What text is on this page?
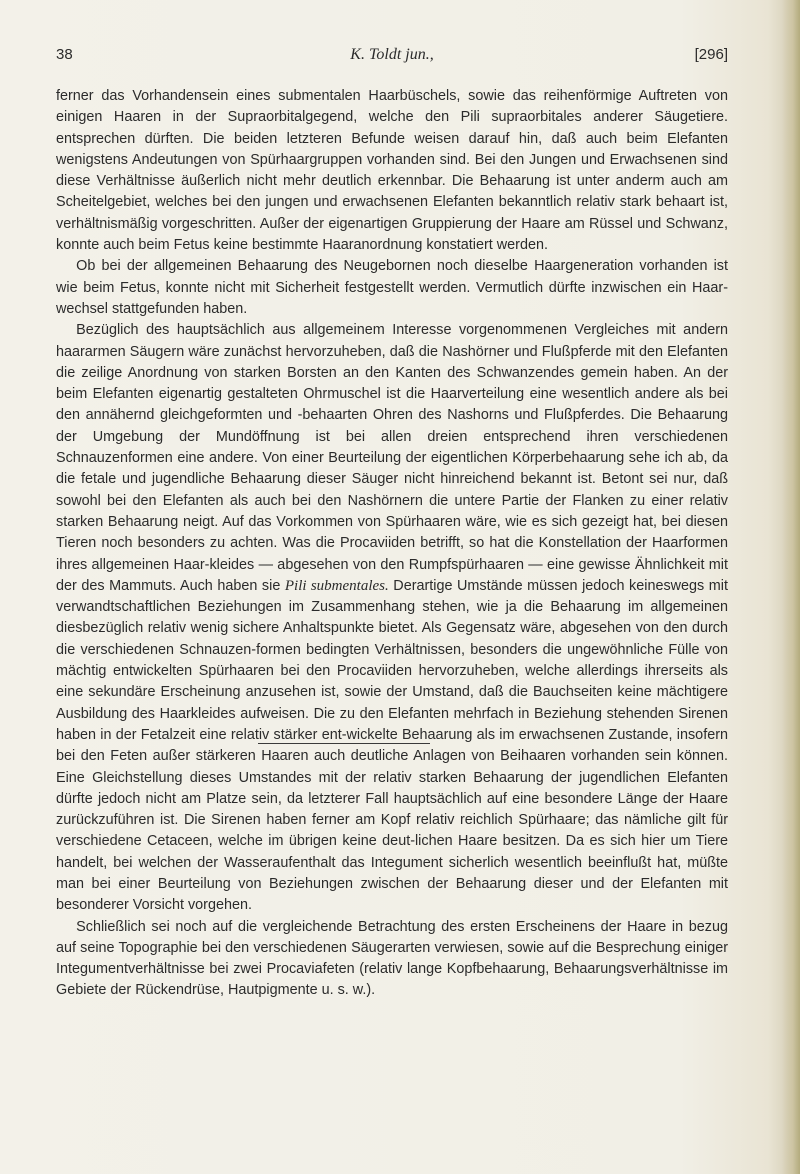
38	K. Toldt jun.,	[296]

ferner das Vorhandensein eines submentalen Haarbüschels, sowie das reihenförmige Auftreten von einigen Haaren in der Supraorbitalgegend, welche den Pili supraorbitales anderer Säugetiere. entsprechen dürften. Die beiden letzteren Befunde weisen darauf hin, daß auch beim Elefanten wenigstens Andeutungen von Spürhaargruppen vorhanden sind. Bei den Jungen und Erwachsenen sind diese Verhältnisse äußerlich nicht mehr deutlich erkennbar. Die Behaarung ist unter anderm auch am Scheitelgebiet, welches bei den jungen und erwachsenen Elefanten bekanntlich relativ stark behaart ist, verhältnismäßig vorgeschritten. Außer der eigenartigen Gruppierung der Haare am Rüssel und Schwanz, konnte auch beim Fetus keine bestimmte Haaranordnung konstatiert werden.

Ob bei der allgemeinen Behaarung des Neugebornen noch dieselbe Haargeneration vorhanden ist wie beim Fetus, konnte nicht mit Sicherheit festgestellt werden. Vermutlich dürfte inzwischen ein Haar-wechsel stattgefunden haben.

Bezüglich des hauptsächlich aus allgemeinem Interesse vorgenommenen Vergleiches mit andern haararmen Säugern wäre zunächst hervorzuheben, daß die Nashörner und Flußpferde mit den Elefanten die zeilige Anordnung von starken Borsten an den Kanten des Schwanzendes gemein haben. An der beim Elefanten eigenartig gestalteten Ohrmuschel ist die Haarverteilung eine wesentlich andere als bei den annähernd gleichgeformten und -behaarten Ohren des Nashorns und Flußpferdes. Die Behaarung der Umgebung der Mundöffnung ist bei allen dreien entsprechend ihren verschiedenen Schnauzenformen eine andere. Von einer Beurteilung der eigentlichen Körperbehaarung sehe ich ab, da die fetale und jugendliche Behaarung dieser Säuger nicht hinreichend bekannt ist. Betont sei nur, daß sowohl bei den Elefanten als auch bei den Nashörnern die untere Partie der Flanken zu einer relativ starken Behaarung neigt. Auf das Vorkommen von Spürhaaren wäre, wie es sich gezeigt hat, bei diesen Tieren noch besonders zu achten. Was die Procaviiden betrifft, so hat die Konstellation der Haarformen ihres allgemeinen Haar-kleides — abgesehen von den Rumpfspürhaaren — eine gewisse Ähnlichkeit mit der des Mammuts. Auch haben sie Pili submentales. Derartige Umstände müssen jedoch keineswegs mit verwandtschaftlichen Beziehungen im Zusammenhang stehen, wie ja die Behaarung im allgemeinen diesbezüglich relativ wenig sichere Anhaltspunkte bietet. Als Gegensatz wäre, abgesehen von den durch die verschiedenen Schnauzen-formen bedingten Verhältnissen, besonders die ungewöhnliche Fülle von mächtig entwickelten Spürhaaren bei den Procaviiden hervorzuheben, welche allerdings ihrerseits als eine sekundäre Erscheinung anzusehen ist, sowie der Umstand, daß die Bauchseiten keine mächtigere Ausbildung des Haarkleides aufweisen. Die zu den Elefanten mehrfach in Beziehung stehenden Sirenen haben in der Fetalzeit eine relativ stärker ent-wickelte Behaarung als im erwachsenen Zustande, insofern bei den Feten außer stärkeren Haaren auch deutliche Anlagen von Beihaaren vorhanden sein können. Eine Gleichstellung dieses Umstandes mit der relativ starken Behaarung der jugendlichen Elefanten dürfte jedoch nicht am Platze sein, da letzterer Fall hauptsächlich auf eine besondere Länge der Haare zurückzuführen ist. Die Sirenen haben ferner am Kopf relativ reichlich Spürhaare; das nämliche gilt für verschiedene Cetaceen, welche im übrigen keine deut-lichen Haare besitzen. Da es sich hier um Tiere handelt, bei welchen der Wasseraufenthalt das Integument sicherlich wesentlich beeinflußt hat, müßte man bei einer Beurteilung von Beziehungen zwischen der Behaarung dieser und der Elefanten mit besonderer Vorsicht vorgehen.

Schließlich sei noch auf die vergleichende Betrachtung des ersten Erscheinens der Haare in bezug auf seine Topographie bei den verschiedenen Säugerarten verwiesen, sowie auf die Besprechung einiger Integumentverhältnisse bei zwei Procaviafeten (relativ lange Kopfbehaarung, Behaarungsverhältnisse im Gebiete der Rückendrüse, Hautpigmente u. s. w.).
